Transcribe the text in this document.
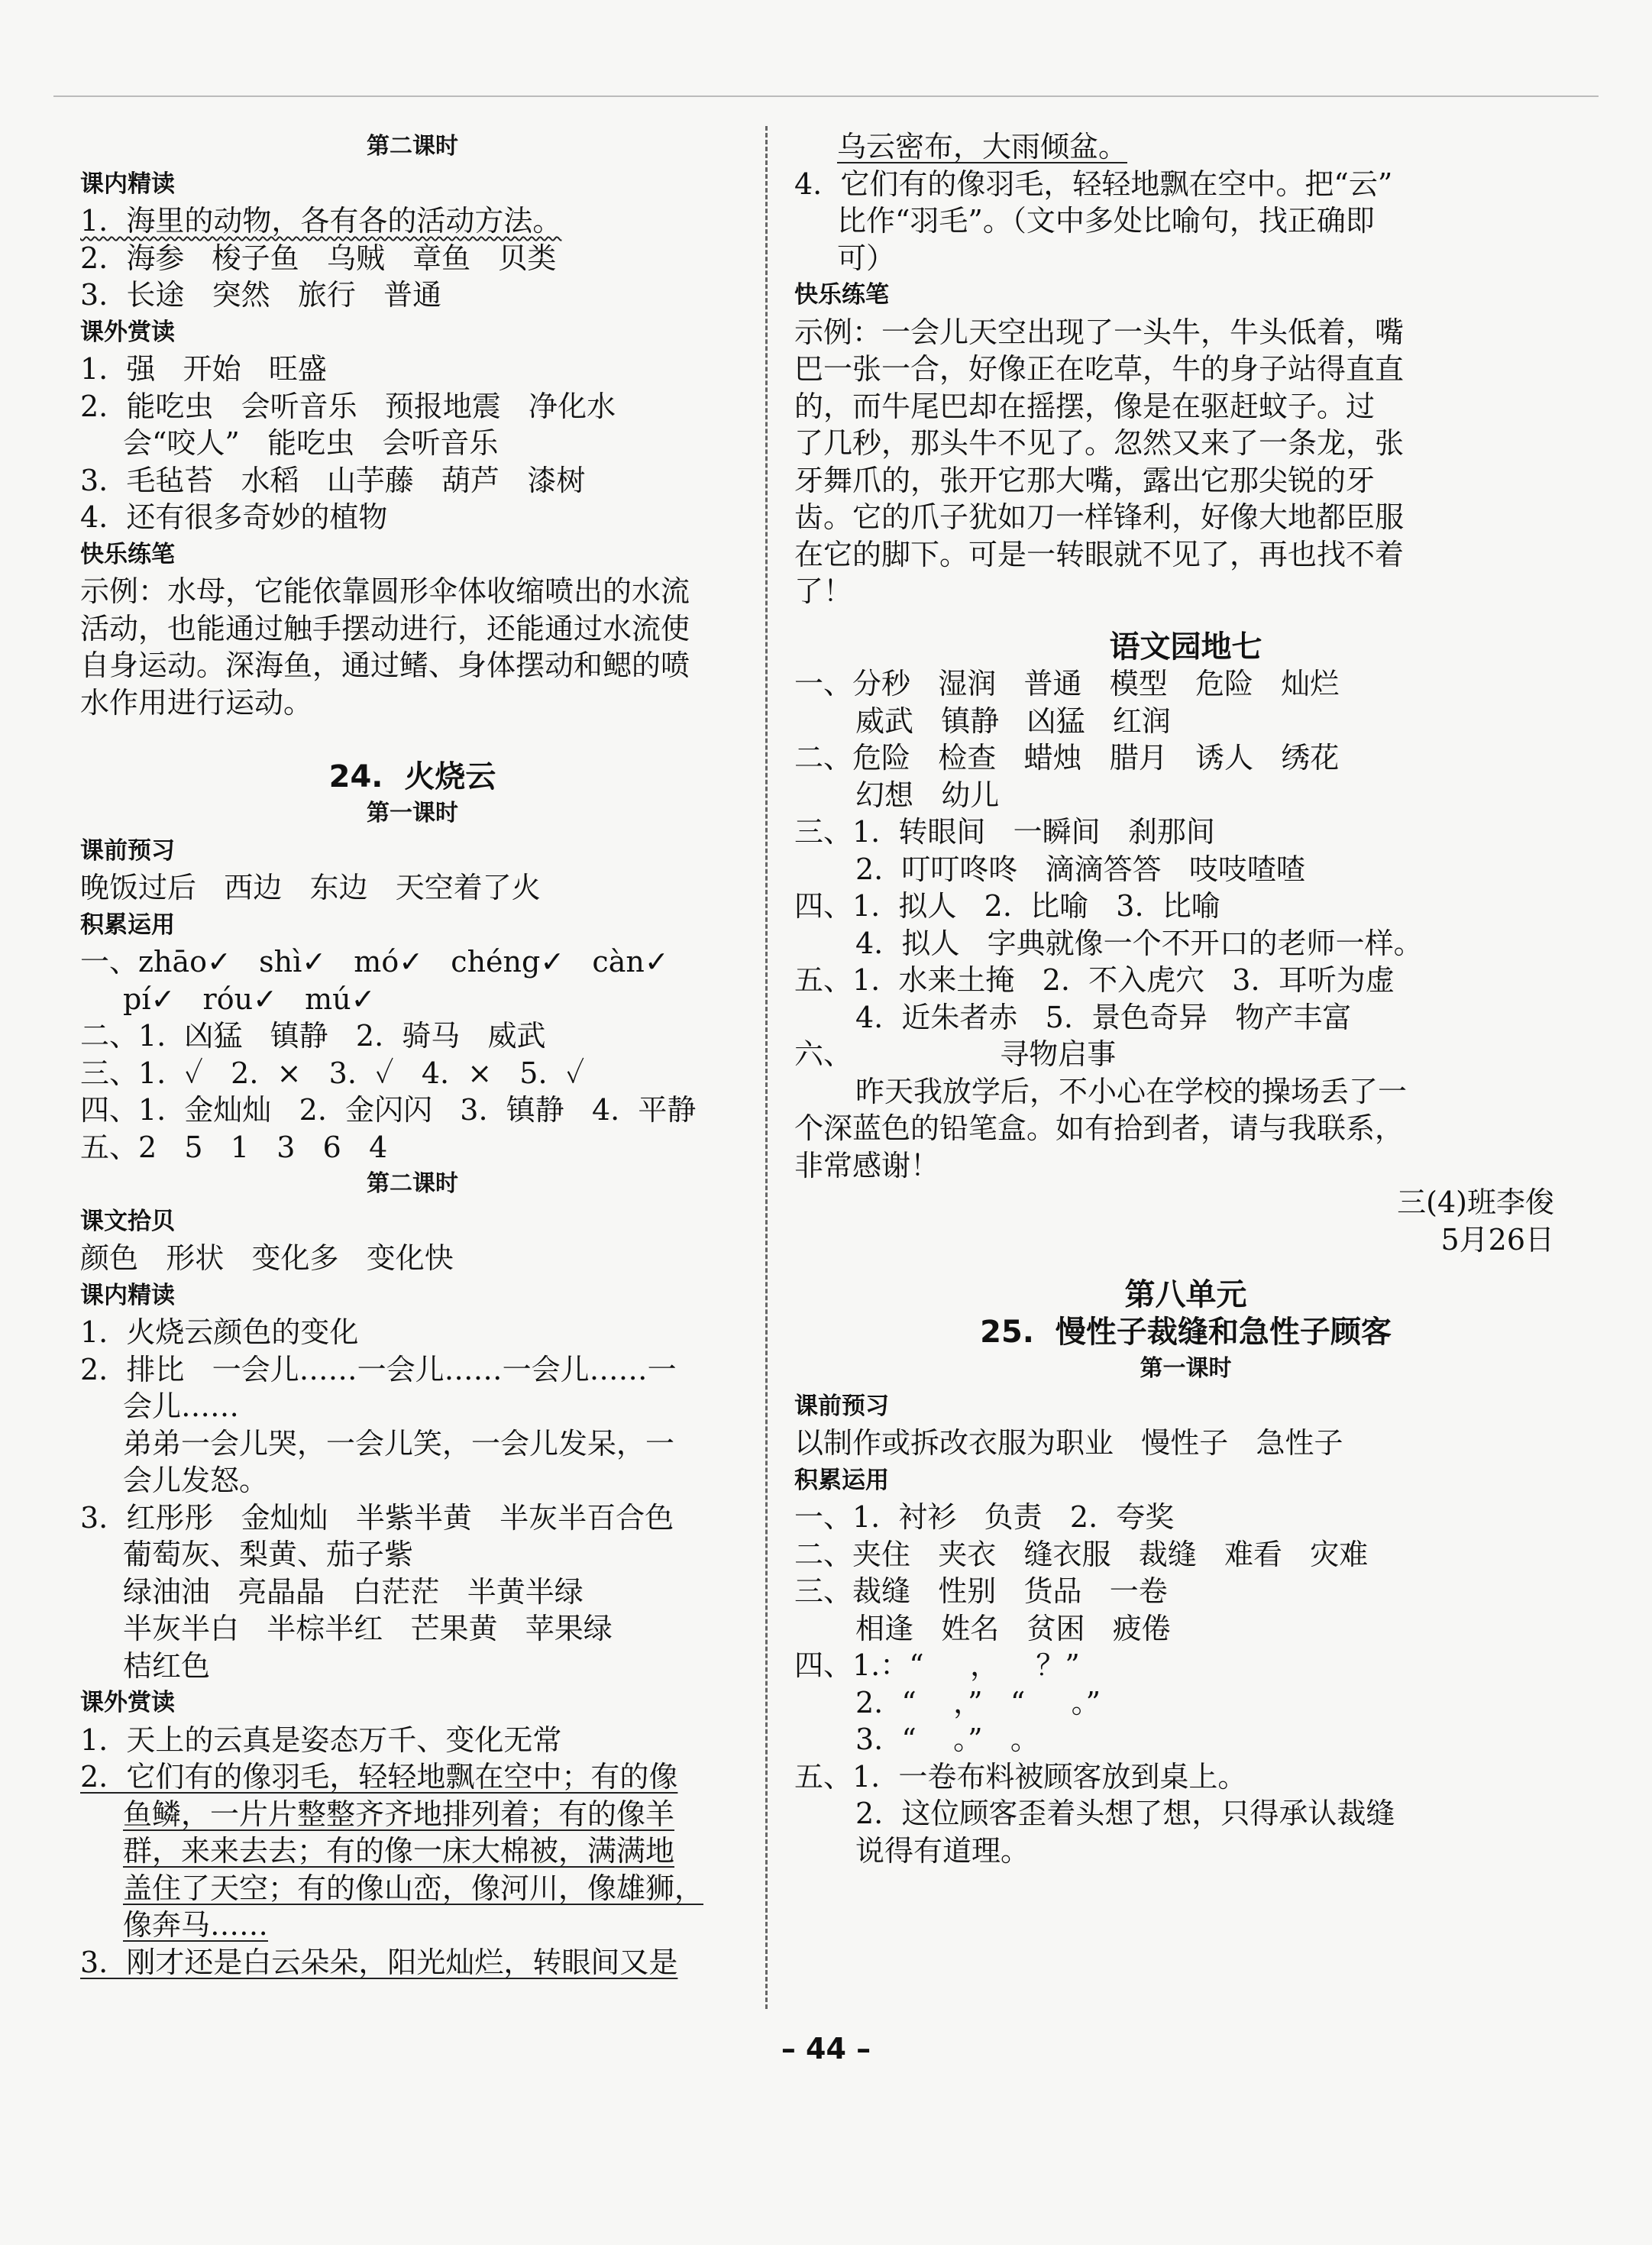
第二课时
课内精读
1.  海里的动物，各有各的活动方法。
2.  海参   梭子鱼   乌贼   章鱼   贝类
3.  长途   突然   旅行   普通
课外赏读
1.  强   开始   旺盛
2.  能吃虫   会听音乐   预报地震   净化水
会“咬人”   能吃虫   会听音乐
3.  毛毡苔   水稻   山芋藤   葫芦   漆树
4.  还有很多奇妙的植物
快乐练笔
示例：水母，它能依靠圆形伞体收缩喷出的水流
活动，也能通过触手摆动进行，还能通过水流使
自身运动。深海鱼，通过鳍、身体摆动和鳃的喷
水作用进行运动。
24.  火烧云
第一课时
课前预习
晚饭过后   西边   东边   天空着了火
积累运用
一、zhāo✓   shì✓   mó✓   chéng✓   càn✓
pí✓   róu✓   mú✓
二、1.  凶猛   镇静   2.  骑马   威武
三、1.  ✓   2.  ×   3.  ✓   4.  ×   5.  ✓
四、1.  金灿灿   2.  金闪闪   3.  镇静   4.  平静
五、2   5   1   3   6   4
第二课时
课文拾贝
颜色   形状   变化多   变化快
课内精读
1.  火烧云颜色的变化
2.  排比   一会儿……一会儿……一会儿……一
会儿……
弟弟一会儿哭，一会儿笑，一会儿发呆，一
会儿发怒。
3.  红彤彤   金灿灿   半紫半黄   半灰半百合色
葡萄灰、梨黄、茄子紫
绿油油   亮晶晶   白茫茫   半黄半绿
半灰半白   半棕半红   芒果黄   苹果绿
桔红色
课外赏读
1.  天上的云真是姿态万千、变化无常
2.  它们有的像羽毛，轻轻地飘在空中；有的像
鱼鳞，一片片整整齐齐地排列着；有的像羊
群，来来去去；有的像一床大棉被，满满地
盖住了天空；有的像山峦，像河川，像雄狮，
像奔马……
3.  刚才还是白云朵朵，阳光灿烂，转眼间又是
乌云密布，大雨倾盆。
4.  它们有的像羽毛，轻轻地飘在空中。把“云”
比作“羽毛”。（文中多处比喻句，找正确即
可）
快乐练笔
示例：一会儿天空出现了一头牛，牛头低着，嘴
巴一张一合，好像正在吃草，牛的身子站得直直
的，而牛尾巴却在摇摆，像是在驱赶蚊子。过
了几秒，那头牛不见了。忽然又来了一条龙，张
牙舞爪的，张开它那大嘴，露出它那尖锐的牙
齿。它的爪子犹如刀一样锋利，好像大地都臣服
在它的脚下。可是一转眼就不见了，再也找不着
了！
语文园地七
一、分秒   湿润   普通   模型   危险   灿烂
威武   镇静   凶猛   红润
二、危险   检查   蜡烛   腊月   诱人   绣花
幻想   幼儿
三、1.  转眼间   一瞬间   刹那间
2.  叮叮咚咚   滴滴答答   吱吱喳喳
四、1.  拟人   2.  比喻   3.  比喻
4.  拟人   字典就像一个不开口的老师一样。
五、1.  水来土掩   2.  不入虎穴   3.  耳听为虚
4.  近朱者赤   5.  景色奇异   物产丰富
六、                寻物启事
昨天我放学后，不小心在学校的操场丢了一
个深蓝色的铅笔盒。如有拾到者，请与我联系，
非常感谢！
三(4)班李俊
5月26日
第八单元
25.  慢性子裁缝和急性子顾客
第一课时
课前预习
以制作或拆改衣服为职业   慢性子   急性子
积累运用
一、1.  衬衫   负责   2.  夸奖
二、夹住   夹衣   缝衣服   裁缝   难看   灾难
三、裁缝   性别   货品   一卷
相逢   姓名   贫困   疲倦
四、1.：“     ，    ？”
2.  “    ，”   “     。”
3.  “    。”   。
五、1.  一卷布料被顾客放到桌上。
2.  这位顾客歪着头想了想，只得承认裁缝
说得有道理。
– 44 –
